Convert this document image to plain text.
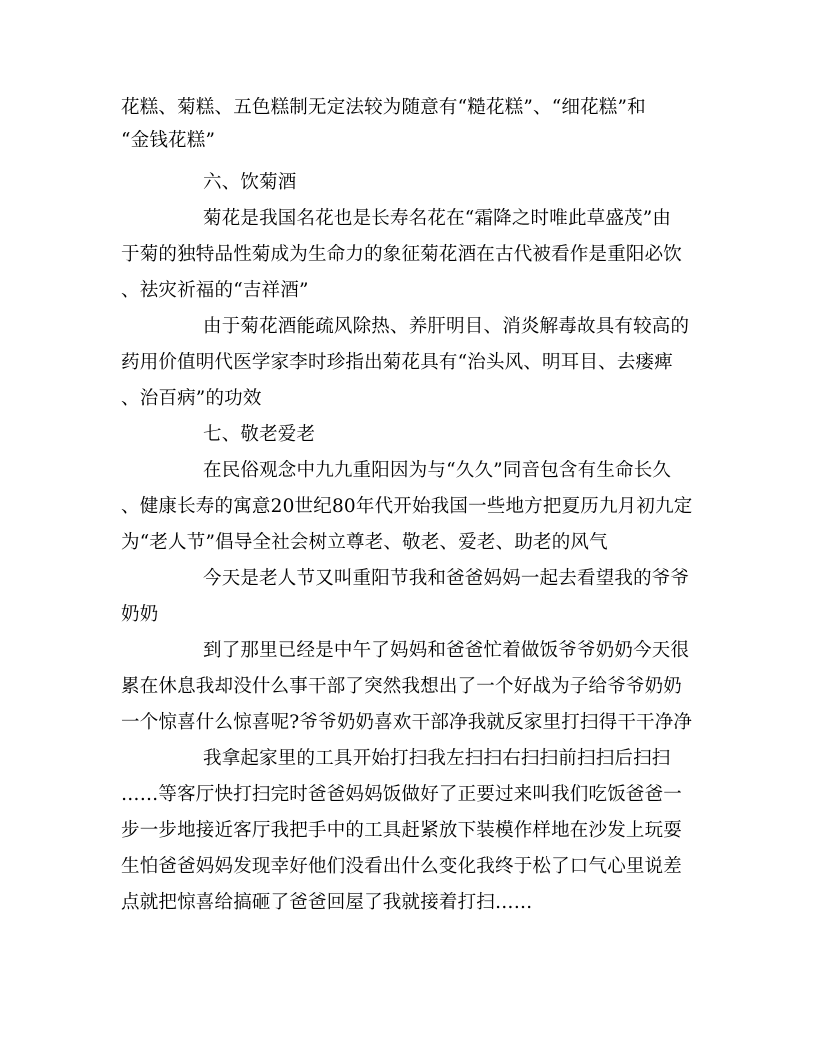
花糕、菊糕、五色糕制无定法较为随意有“糙花糕”、“细花糕”和
“金钱花糕”
六、饮菊酒
菊花是我国名花也是长寿名花在“霜降之时唯此草盛茂”由
于菊的独特品性菊成为生命力的象征菊花酒在古代被看作是重阳必饮
、祛灾祈福的“吉祥酒”
由于菊花酒能疏风除热、养肝明目、消炎解毒故具有较高的
药用价值明代医学家李时珍指出菊花具有“治头风、明耳目、去瘘痺
、治百病”的功效
七、敬老爱老
在民俗观念中九九重阳因为与“久久”同音包含有生命长久
、健康长寿的寓意20世纪80年代开始我国一些地方把夏历九月初九定
为“老人节”倡导全社会树立尊老、敬老、爱老、助老的风气
今天是老人节又叫重阳节我和爸爸妈妈一起去看望我的爷爷
奶奶
到了那里已经是中午了妈妈和爸爸忙着做饭爷爷奶奶今天很
累在休息我却没什么事干部了突然我想出了一个好战为子给爷爷奶奶
一个惊喜什么惊喜呢?爷爷奶奶喜欢干部净我就反家里打扫得干干净净
我拿起家里的工具开始打扫我左扫扫右扫扫前扫扫后扫扫
……等客厅快打扫完时爸爸妈妈饭做好了正要过来叫我们吃饭爸爸一
步一步地接近客厅我把手中的工具赶紧放下装模作样地在沙发上玩耍
生怕爸爸妈妈发现幸好他们没看出什么变化我终于松了口气心里说差
点就把惊喜给搞砸了爸爸回屋了我就接着打扫……
